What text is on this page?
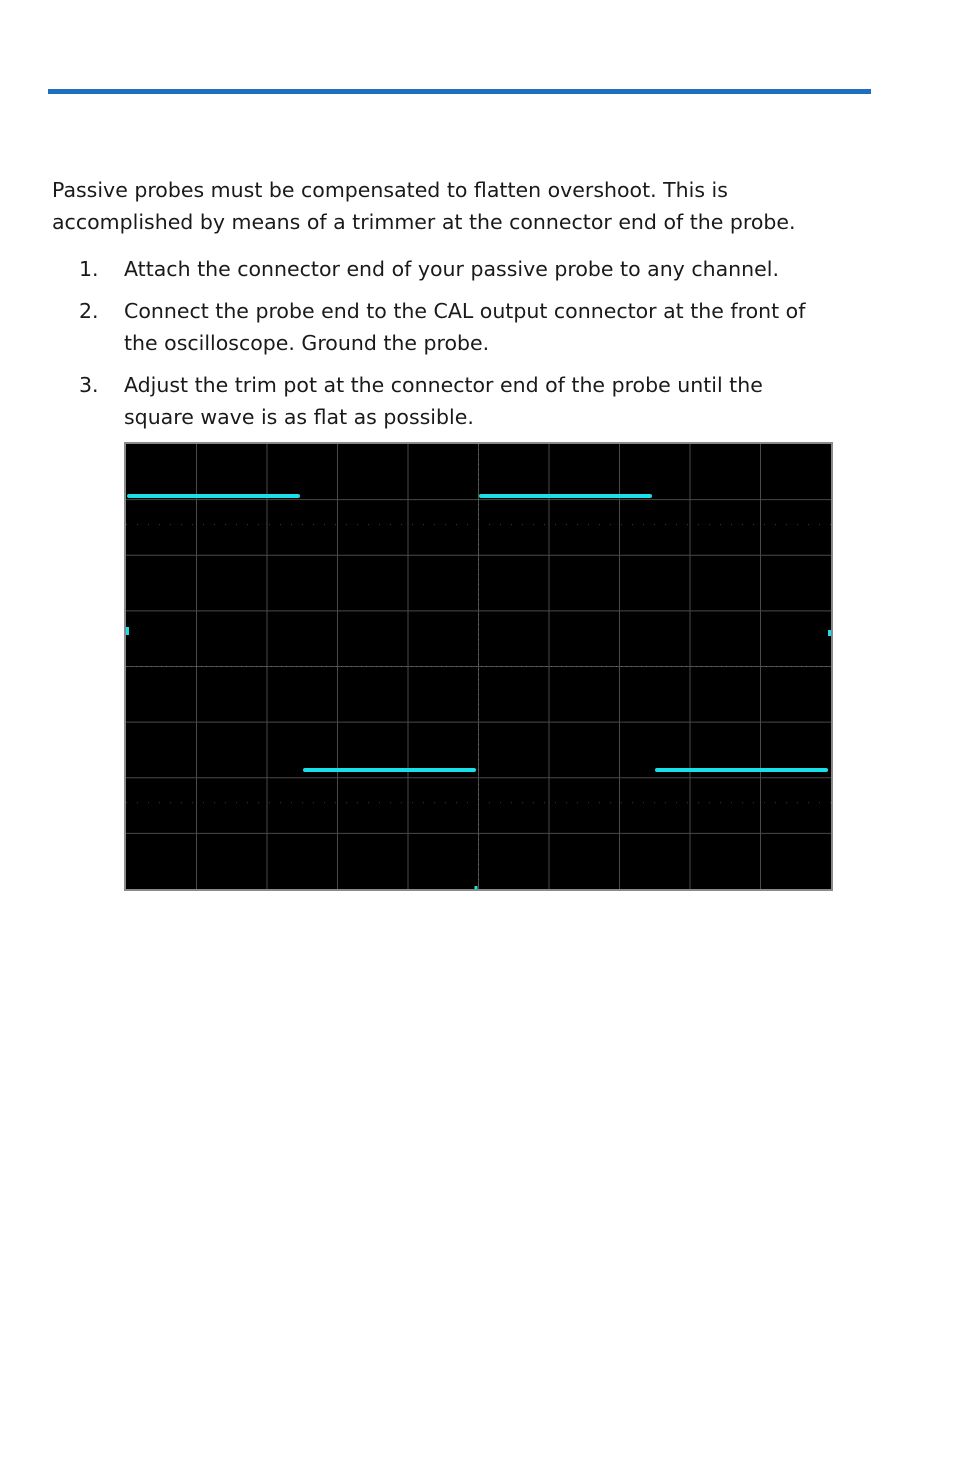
Passive probes must be compensated to flatten overshoot. This is
accomplished by means of a trimmer at the connector end of the probe.

1. Attach the connector end of your passive probe to any channel.
2. Connect the probe end to the CAL output connector at the front of
the oscilloscope. Ground the probe.
3. Adjust the trim pot at the connector end of the probe until the
square wave is as flat as possible.
